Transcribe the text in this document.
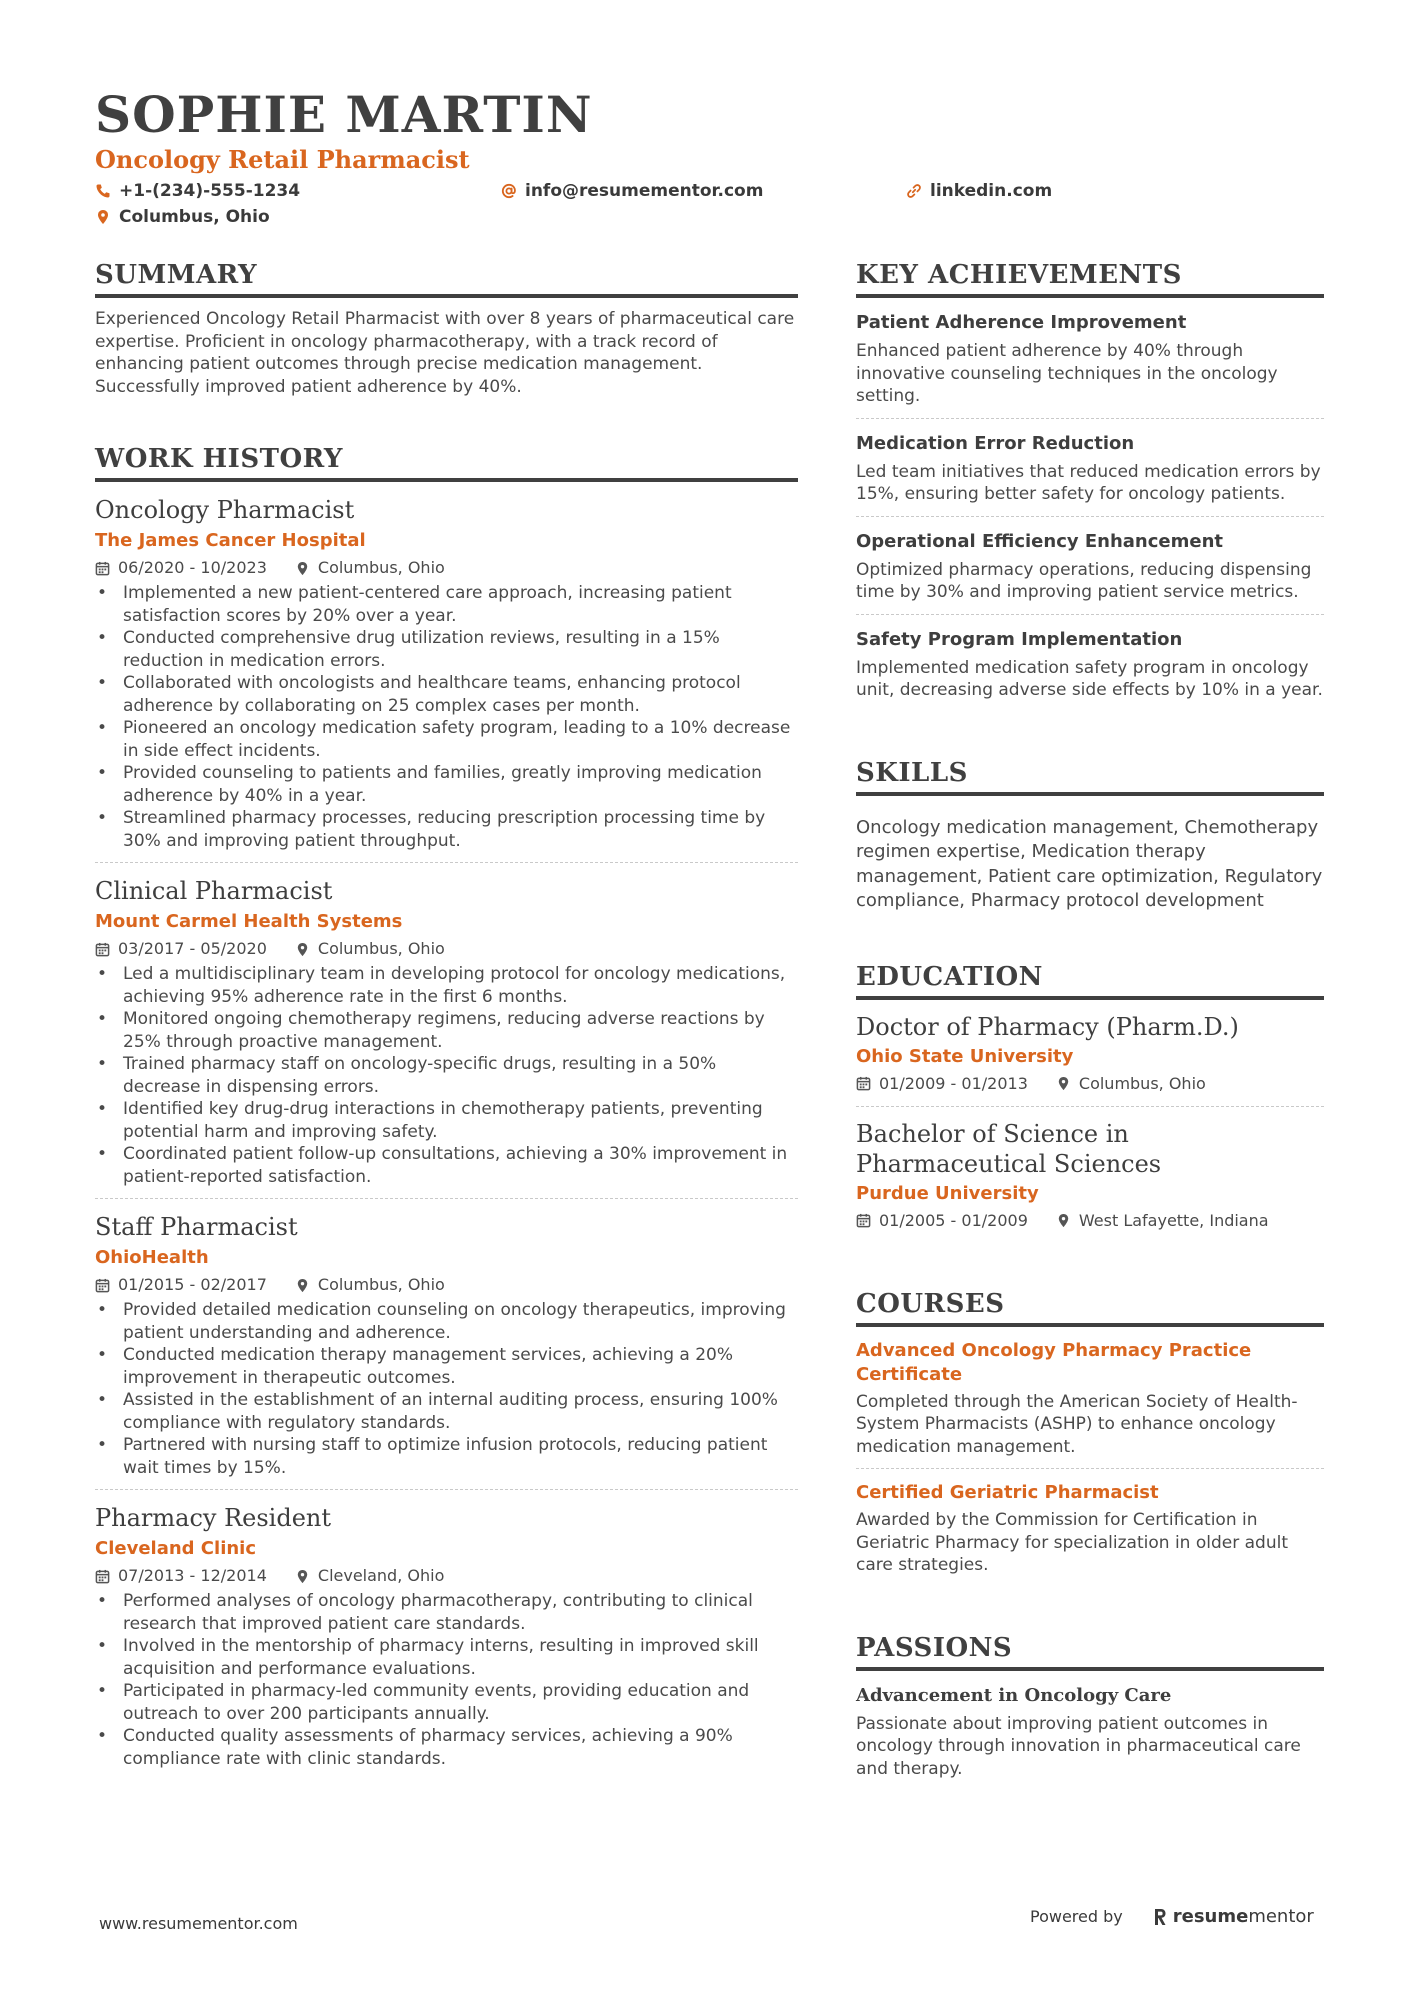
SOPHIE MARTIN
Oncology Retail Pharmacist
+1-(234)-555-1234	info@resumementor.com	linkedin.com
Columbus, Ohio
SUMMARY
Experienced Oncology Retail Pharmacist with over 8 years of pharmaceutical care expertise. Proficient in oncology pharmacotherapy, with a track record of enhancing patient outcomes through precise medication management. Successfully improved patient adherence by 40%.
WORK HISTORY
Oncology Pharmacist
The James Cancer Hospital
06/2020 - 10/2023	Columbus, Ohio
• Implemented a new patient-centered care approach, increasing patient satisfaction scores by 20% over a year.
• Conducted comprehensive drug utilization reviews, resulting in a 15% reduction in medication errors.
• Collaborated with oncologists and healthcare teams, enhancing protocol adherence by collaborating on 25 complex cases per month.
• Pioneered an oncology medication safety program, leading to a 10% decrease in side effect incidents.
• Provided counseling to patients and families, greatly improving medication adherence by 40% in a year.
• Streamlined pharmacy processes, reducing prescription processing time by 30% and improving patient throughput.
Clinical Pharmacist
Mount Carmel Health Systems
03/2017 - 05/2020	Columbus, Ohio
• Led a multidisciplinary team in developing protocol for oncology medications, achieving 95% adherence rate in the first 6 months.
• Monitored ongoing chemotherapy regimens, reducing adverse reactions by 25% through proactive management.
• Trained pharmacy staff on oncology-specific drugs, resulting in a 50% decrease in dispensing errors.
• Identified key drug-drug interactions in chemotherapy patients, preventing potential harm and improving safety.
• Coordinated patient follow-up consultations, achieving a 30% improvement in patient-reported satisfaction.
Staff Pharmacist
OhioHealth
01/2015 - 02/2017	Columbus, Ohio
• Provided detailed medication counseling on oncology therapeutics, improving patient understanding and adherence.
• Conducted medication therapy management services, achieving a 20% improvement in therapeutic outcomes.
• Assisted in the establishment of an internal auditing process, ensuring 100% compliance with regulatory standards.
• Partnered with nursing staff to optimize infusion protocols, reducing patient wait times by 15%.
Pharmacy Resident
Cleveland Clinic
07/2013 - 12/2014	Cleveland, Ohio
• Performed analyses of oncology pharmacotherapy, contributing to clinical research that improved patient care standards.
• Involved in the mentorship of pharmacy interns, resulting in improved skill acquisition and performance evaluations.
• Participated in pharmacy-led community events, providing education and outreach to over 200 participants annually.
• Conducted quality assessments of pharmacy services, achieving a 90% compliance rate with clinic standards.
KEY ACHIEVEMENTS
Patient Adherence Improvement
Enhanced patient adherence by 40% through innovative counseling techniques in the oncology setting.
Medication Error Reduction
Led team initiatives that reduced medication errors by 15%, ensuring better safety for oncology patients.
Operational Efficiency Enhancement
Optimized pharmacy operations, reducing dispensing time by 30% and improving patient service metrics.
Safety Program Implementation
Implemented medication safety program in oncology unit, decreasing adverse side effects by 10% in a year.
SKILLS
Oncology medication management, Chemotherapy regimen expertise, Medication therapy management, Patient care optimization, Regulatory compliance, Pharmacy protocol development
EDUCATION
Doctor of Pharmacy (Pharm.D.)
Ohio State University
01/2009 - 01/2013	Columbus, Ohio
Bachelor of Science in Pharmaceutical Sciences
Purdue University
01/2005 - 01/2009	West Lafayette, Indiana
COURSES
Advanced Oncology Pharmacy Practice Certificate
Completed through the American Society of Health-System Pharmacists (ASHP) to enhance oncology medication management.
Certified Geriatric Pharmacist
Awarded by the Commission for Certification in Geriatric Pharmacy for specialization in older adult care strategies.
PASSIONS
Advancement in Oncology Care
Passionate about improving patient outcomes in oncology through innovation in pharmaceutical care and therapy.
www.resumementor.com	Powered by	resume mentor
